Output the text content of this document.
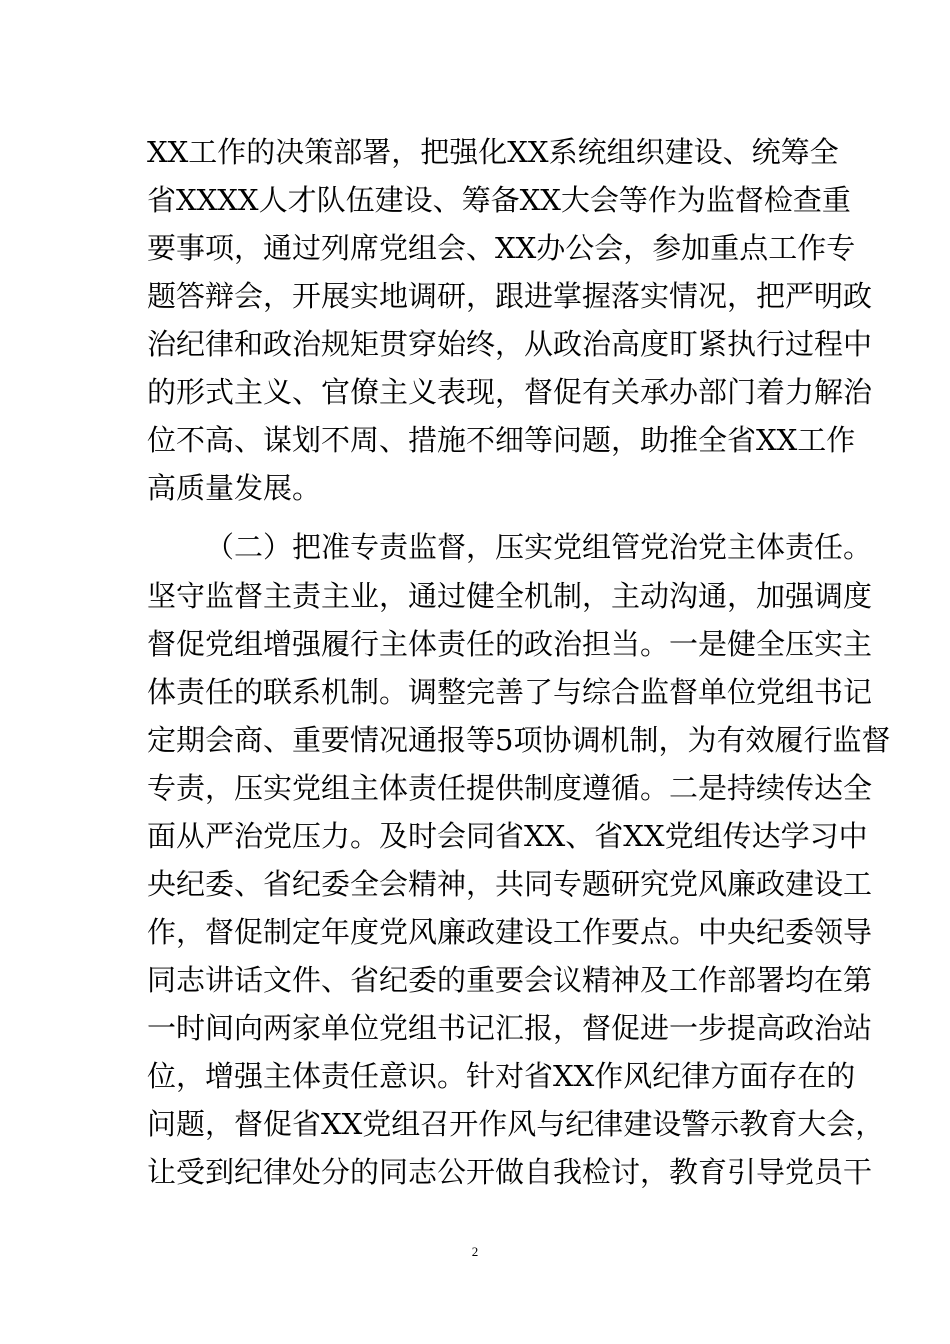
XX工作的决策部署，把强化XX系统组织建设、统筹全
省XXXX人才队伍建设、筹备XX大会等作为监督检查重
要事项，通过列席党组会、XX办公会，参加重点工作专
题答辩会，开展实地调研，跟进掌握落实情况，把严明政
治纪律和政治规矩贯穿始终，从政治高度盯紧执行过程中
的形式主义、官僚主义表现，督促有关承办部门着力解治
位不高、谋划不周、措施不细等问题，助推全省XX工作
高质量发展。
（二）把准专责监督，压实党组管党治党主体责任。
坚守监督主责主业，通过健全机制，主动沟通，加强调度
督促党组增强履行主体责任的政治担当。一是健全压实主
体责任的联系机制。调整完善了与综合监督单位党组书记
定期会商、重要情况通报等5项协调机制，为有效履行监督
专责，压实党组主体责任提供制度遵循。二是持续传达全
面从严治党压力。及时会同省XX、省XX党组传达学习中
央纪委、省纪委全会精神，共同专题研究党风廉政建设工
作，督促制定年度党风廉政建设工作要点。中央纪委领导
同志讲话文件、省纪委的重要会议精神及工作部署均在第
一时间向两家单位党组书记汇报，督促进一步提高政治站
位，增强主体责任意识。针对省XX作风纪律方面存在的
问题，督促省XX党组召开作风与纪律建设警示教育大会，
让受到纪律处分的同志公开做自我检讨，教育引导党员干
2
